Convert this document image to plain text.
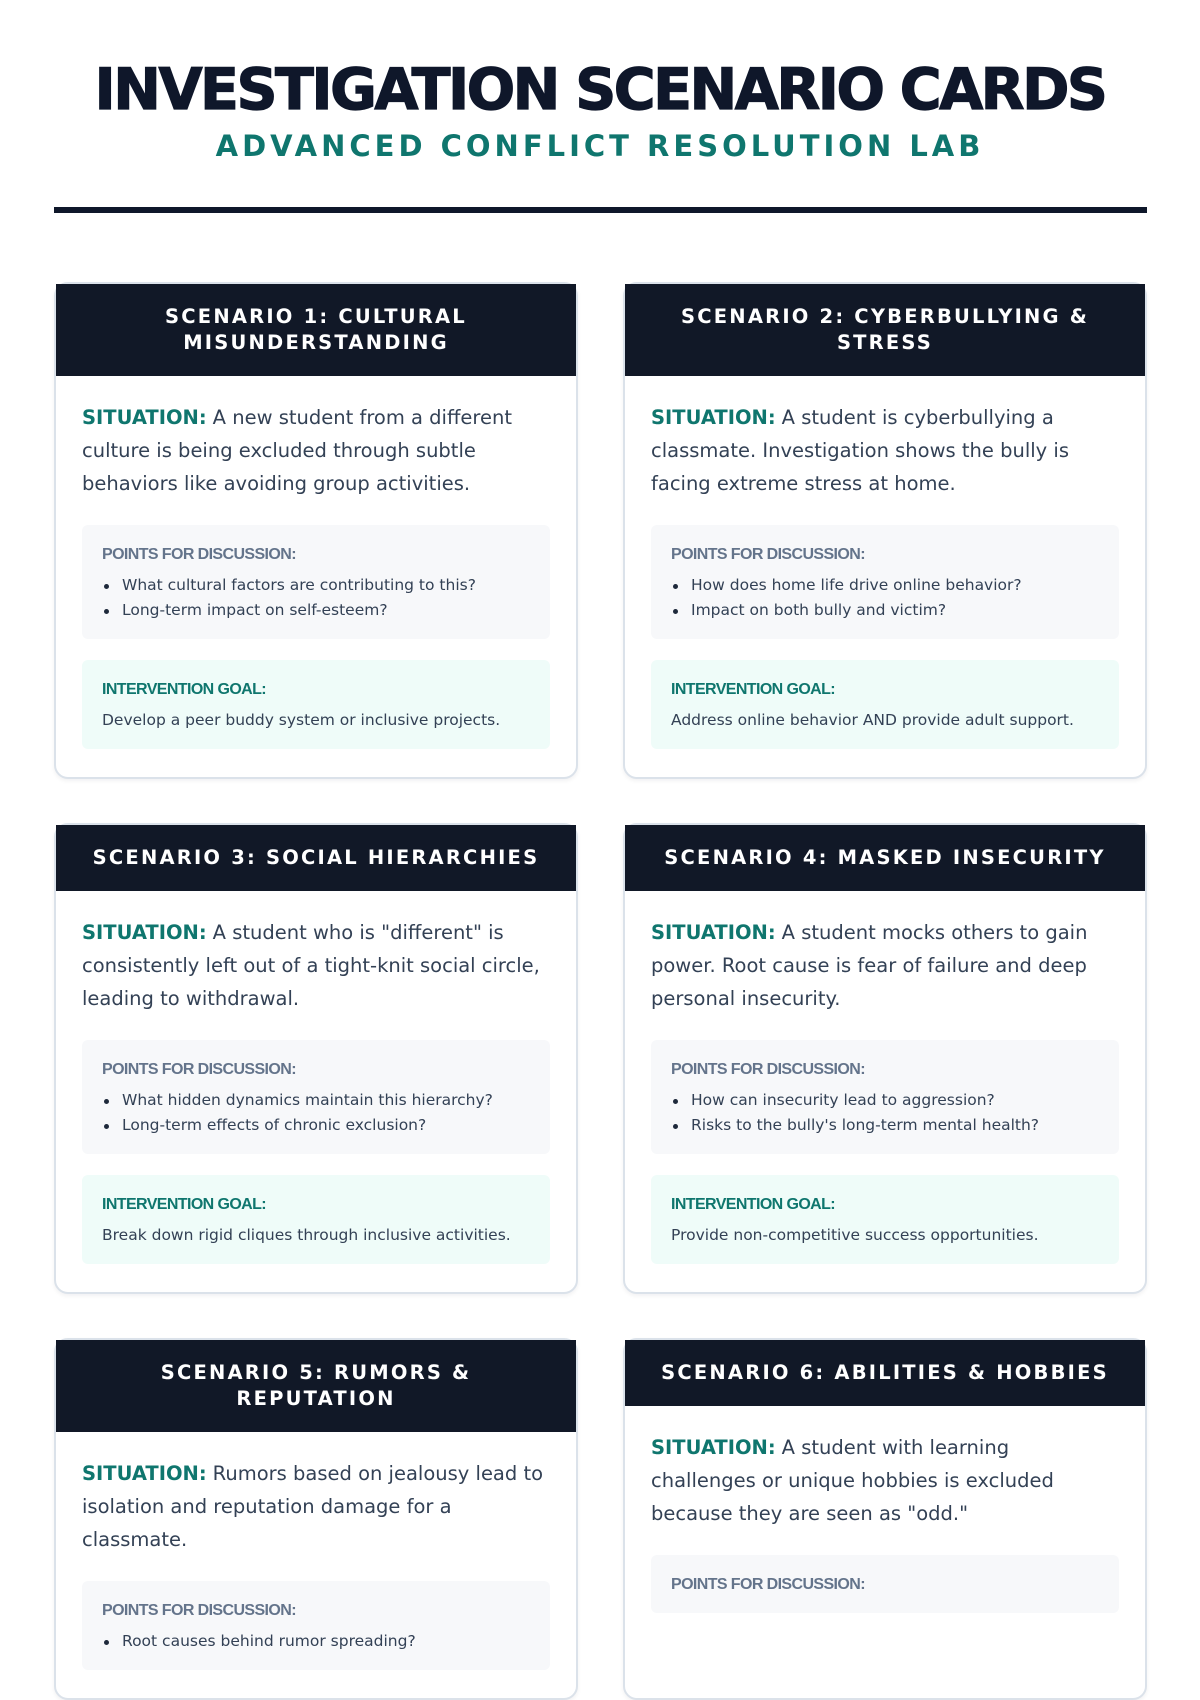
INVESTIGATION SCENARIO CARDS
ADVANCED CONFLICT RESOLUTION LAB
SCENARIO 1: CULTURAL MISUNDERSTANDING

SITUATION: A new student from a different culture is being excluded through subtle behaviors like avoiding group activities.

POINTS FOR DISCUSSION:
What cultural factors are contributing to this?
Long-term impact on self-esteem?
INTERVENTION GOAL:
Develop a peer buddy system or inclusive projects.
SCENARIO 2: CYBERBULLYING & STRESS

SITUATION: A student is cyberbullying a classmate. Investigation shows the bully is facing extreme stress at home.

POINTS FOR DISCUSSION:
How does home life drive online behavior?
Impact on both bully and victim?
INTERVENTION GOAL:
Address online behavior AND provide adult support.
SCENARIO 3: SOCIAL HIERARCHIES

SITUATION: A student who is "different" is consistently left out of a tight-knit social circle, leading to withdrawal.

POINTS FOR DISCUSSION:
What hidden dynamics maintain this hierarchy?
Long-term effects of chronic exclusion?
INTERVENTION GOAL:
Break down rigid cliques through inclusive activities.
SCENARIO 4: MASKED INSECURITY

SITUATION: A student mocks others to gain power. Root cause is fear of failure and deep personal insecurity.

POINTS FOR DISCUSSION:
How can insecurity lead to aggression?
Risks to the bully's long-term mental health?
INTERVENTION GOAL:
Provide non-competitive success opportunities.
SCENARIO 5: RUMORS & REPUTATION

SITUATION: Rumors based on jealousy lead to isolation and reputation damage for a classmate.

POINTS FOR DISCUSSION:
Root causes behind rumor spreading?
SCENARIO 6: ABILITIES & HOBBIES

SITUATION: A student with learning challenges or unique hobbies is excluded because they are seen as "odd."

POINTS FOR DISCUSSION:
